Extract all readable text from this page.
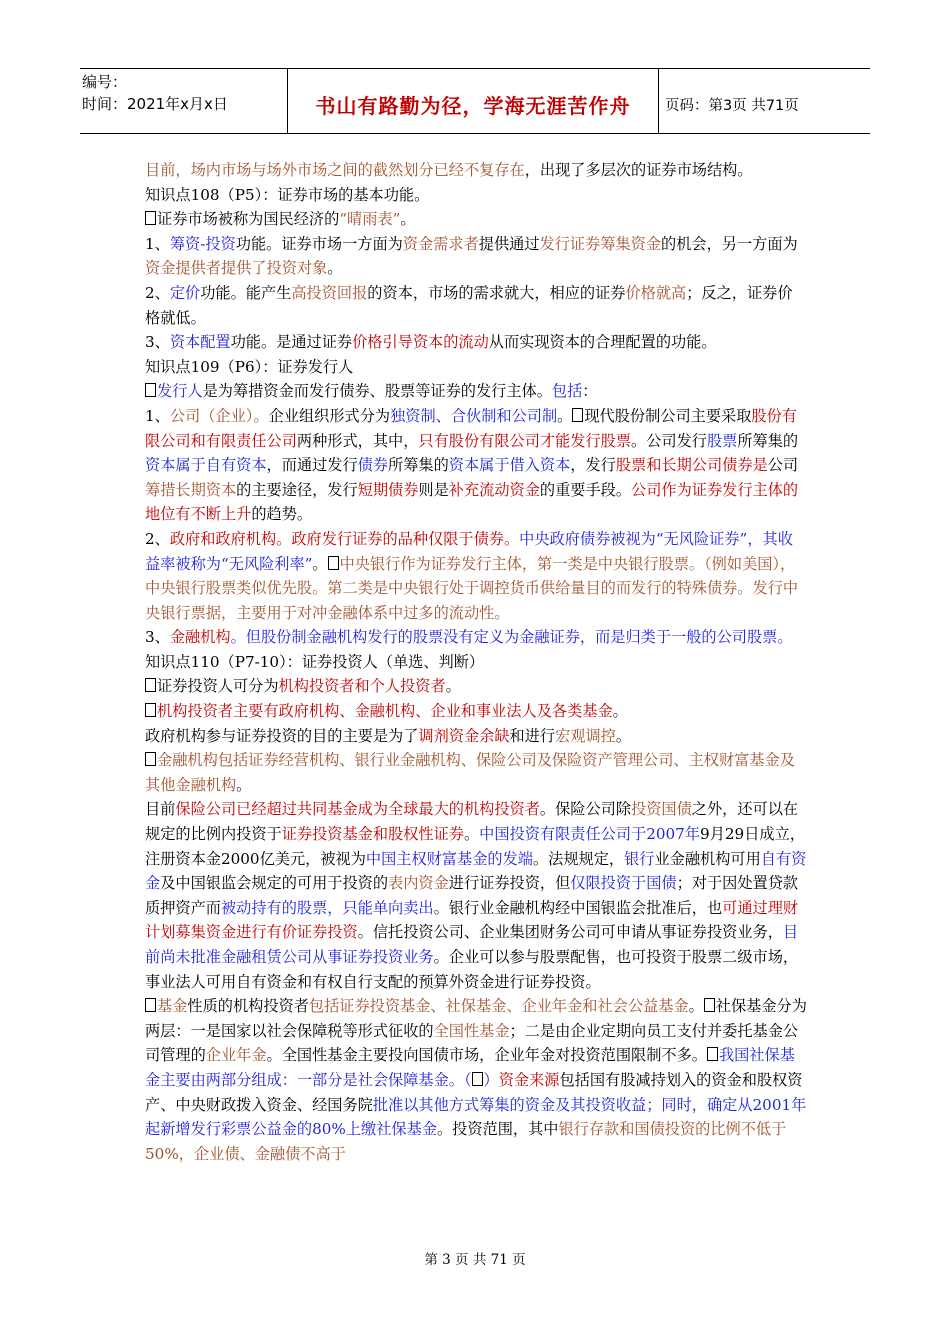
编号：
时间：2021年x月x日	书山有路勤为径，学海无涯苦作舟	页码：第3页 共71页

目前，场内市场与场外市场之间的截然划分已经不复存在，出现了多层次的证券市场结构。

知识点108（P5）：证券市场的基本功能。

证券市场被称为国民经济的“晴雨表”。

1、筹资-投资功能。证券市场一方面为资金需求者提供通过发行证券筹集资金的机会，另一方面为资金提供者提供了投资对象。

2、定价功能。能产生高投资回报的资本，市场的需求就大，相应的证券价格就高；反之，证券价格就低。

3、资本配置功能。是通过证券价格引导资本的流动从而实现资本的合理配置的功能。

知识点109（P6）：证券发行人

发行人是为筹措资金而发行债券、股票等证券的发行主体。包括：

1、公司（企业）。企业组织形式分为独资制、合伙制和公司制。 现代股份制公司主要采取股份有限公司和有限责任公司两种形式，其中，只有股份有限公司才能发行股票。公司发行股票所筹集的资本属于自有资本，而通过发行债券所筹集的资本属于借入资本，发行股票和长期公司债券是公司筹措长期资本的主要途径，发行短期债券则是补充流动资金的重要手段。公司作为证券发行主体的地位有不断上升的趋势。

2、政府和政府机构。政府发行证券的品种仅限于债券。中央政府债券被视为“无风险证券”，其收益率被称为“无风险利率”。 中央银行作为证券发行主体，第一类是中央银行股票。（例如美国），中央银行股票类似优先股。第二类是中央银行处于调控货币供给量目的而发行的特殊债券。发行中央银行票据，主要用于对冲金融体系中过多的流动性。

3、金融机构。但股份制金融机构发行的股票没有定义为金融证券，而是归类于一般的公司股票。

知识点110（P7-10）：证券投资人（单选、判断）

证券投资人可分为机构投资者和个人投资者。

机构投资者主要有政府机构、金融机构、企业和事业法人及各类基金。

政府机构参与证券投资的目的主要是为了调剂资金余缺和进行宏观调控。

金融机构包括证券经营机构、银行业金融机构、保险公司及保险资产管理公司、主权财富基金及其他金融机构。

目前保险公司已经超过共同基金成为全球最大的机构投资者。保险公司除投资国债之外，还可以在规定的比例内投资于证券投资基金和股权性证券。中国投资有限责任公司于2007年9月29日成立，注册资本金2000亿美元，被视为中国主权财富基金的发端。法规规定，银行业金融机构可用自有资金及中国银监会规定的可用于投资的表内资金进行证券投资，但仅限投资于国债；对于因处置贷款质押资产而被动持有的股票，只能单向卖出。银行业金融机构经中国银监会批准后，也可通过理财计划募集资金进行有价证券投资。信托投资公司、企业集团财务公司可申请从事证券投资业务，目前尚未批准金融租赁公司从事证券投资业务。企业可以参与股票配售，也可投资于股票二级市场，事业法人可用自有资金和有权自行支配的预算外资金进行证券投资。

基金性质的机构投资者包括证券投资基金、社保基金、企业年金和社会公益基金。 社保基金分为两层：一是国家以社会保障税等形式征收的全国性基金；二是由企业定期向员工支付并委托基金公司管理的企业年金。全国性基金主要投向国债市场，企业年金对投资范围限制不多。 我国社保基金主要由两部分组成：一部分是社会保障基金。（ ）资金来源包括国有股减持划入的资金和股权资产、中央财政拨入资金、经国务院批准以其他方式筹集的资金及其投资收益；同时，确定从2001年起新增发行彩票公益金的80%上缴社保基金。投资范围，其中银行存款和国债投资的比例不低于50%，企业债、金融债不高于

第 3 页 共 71 页
